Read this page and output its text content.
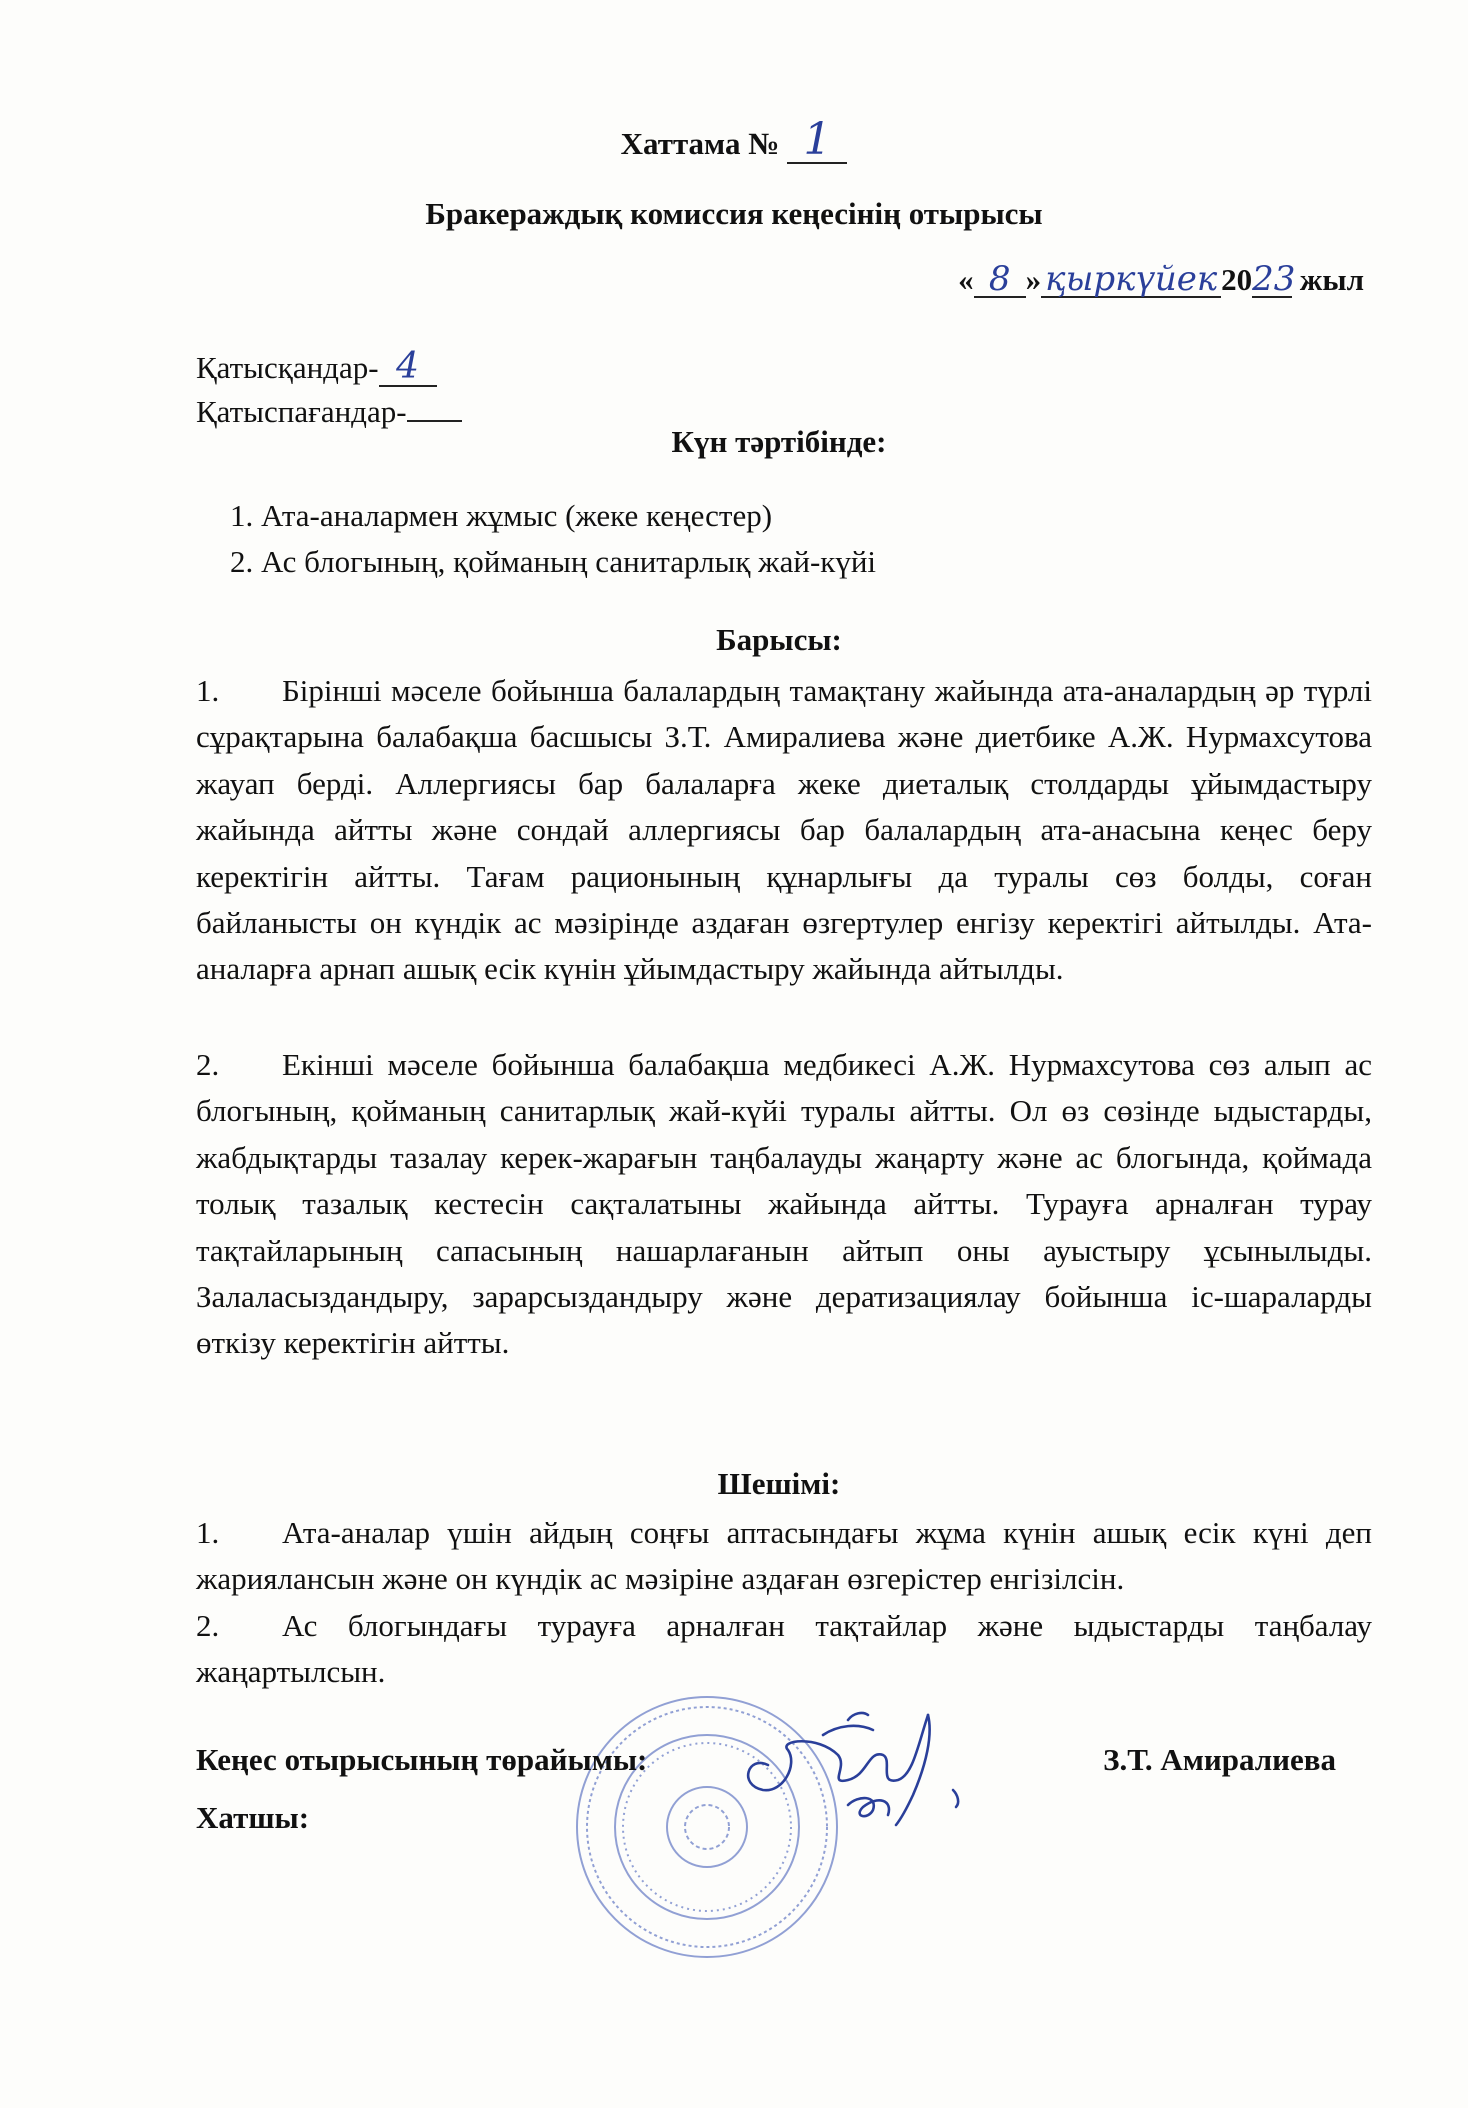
Хаттама № 1
Бракераждық комиссия кеңесінің отырысы
« 8 » қыркүйек 2023 жыл
Қатысқандар- 4
Қатыспағандар-
Күн тәртібінде:
1. Ата-аналармен жұмыс (жеке кеңестер)
2. Ас блогының, қойманың санитарлық жай-күйі
Барысы:
1. Бірінші мәселе бойынша балалардың тамақтану жайында ата-аналардың әр түрлі сұрақтарына балабақша басшысы З.Т. Амиралиева және диетбике А.Ж. Нурмахсутова жауап берді. Аллергиясы бар балаларға жеке диеталық столдарды ұйымдастыру жайында айтты және сондай аллергиясы бар балалардың ата-анасына кеңес беру керектігін айтты. Тағам рационының құнарлығы да туралы сөз болды, соған байланысты он күндік ас мәзірінде аздаған өзгертулер енгізу керектігі айтылды. Ата-аналарға арнап ашық есік күнін ұйымдастыру жайында айтылды.
2. Екінші мәселе бойынша балабақша медбикесі А.Ж. Нурмахсутова сөз алып ас блогының, қойманың санитарлық жай-күйі туралы айтты. Ол өз сөзінде ыдыстарды, жабдықтарды тазалау керек-жарағын таңбалауды жаңарту және ас блогында, қоймада толық тазалық кестесін сақталатыны жайында айтты. Турауға арналған турау тақтайларының сапасының нашарлағанын айтып оны ауыстыру ұсынылыды. Залаласыздандыру, зарарсыздандыру және дератизациялау бойынша іс-шараларды өткізу керектігін айтты.
Шешімі:
1. Ата-аналар үшін айдың соңғы аптасындағы жұма күнін ашық есік күні деп жариялансын және он күндік ас мәзіріне аздаған өзгерістер енгізілсін.
2. Ас блогындағы турауға арналған тақтайлар және ыдыстарды таңбалау жаңартылсын.
Кеңес отырысының төрайымы:	З.Т. Амиралиева
Хатшы:
